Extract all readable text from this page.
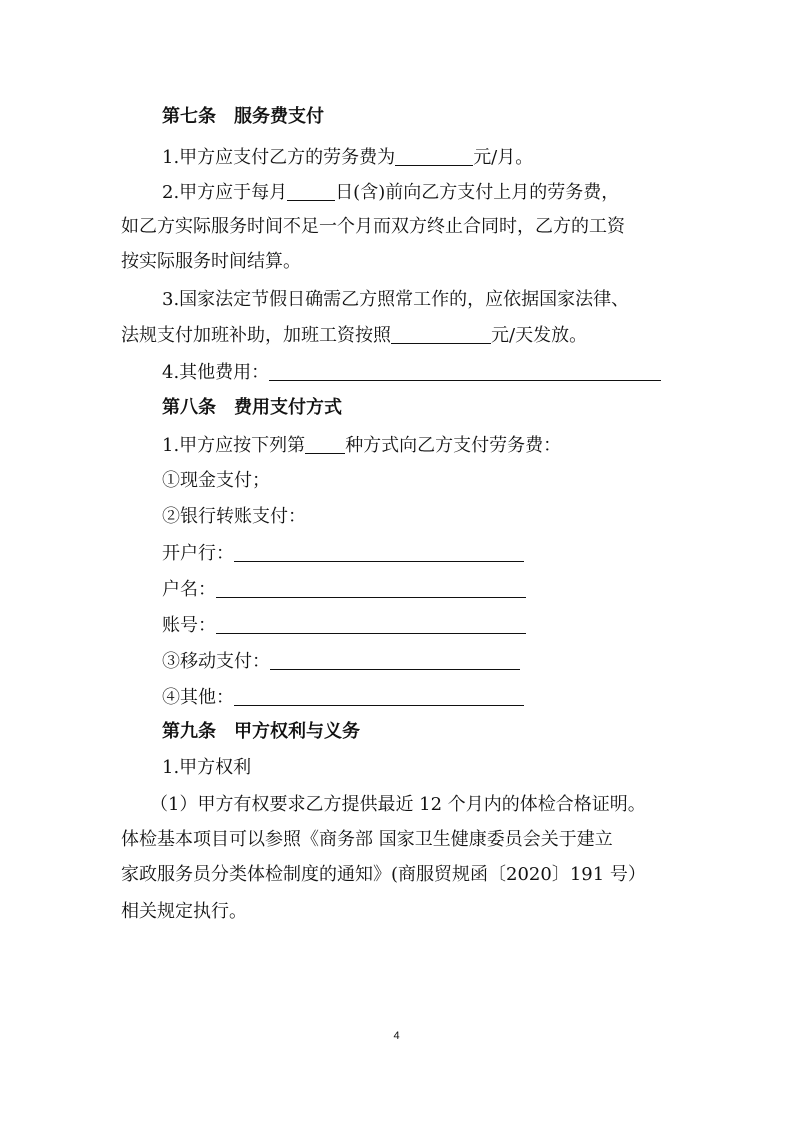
第七条　服务费支付
1.甲方应支付乙方的劳务费为	元/月。
2.甲方应于每月	日(含)前向乙方支付上月的劳务费，
如乙方实际服务时间不足一个月而双方终止合同时，乙方的工资
按实际服务时间结算。
3.国家法定节假日确需乙方照常工作的，应依据国家法律、
法规支付加班补助，加班工资按照	元/天发放。
4.其他费用：
第八条　费用支付方式
1.甲方应按下列第 种方式向乙方支付劳务费：
①现金支付；
②银行转账支付：
开户行：
户名：
账号：
③移动支付：
④其他：
第九条　甲方权利与义务
1.甲方权利
（1）甲方有权要求乙方提供最近 12 个月内的体检合格证明。
体检基本项目可以参照《商务部 国家卫生健康委员会关于建立
家政服务员分类体检制度的通知》(商服贸规函〔2020〕191 号）
相关规定执行。
4
